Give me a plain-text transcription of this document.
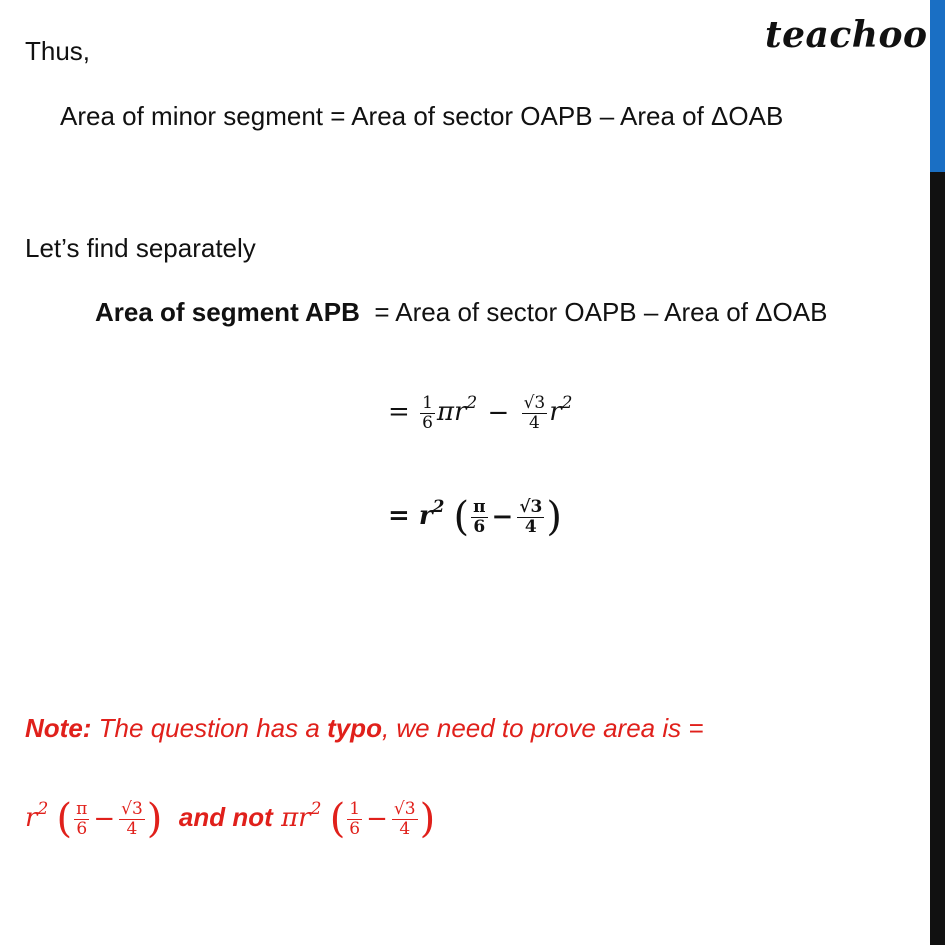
teachoo
Thus,
Area of minor segment = Area of sector OAPB – Area of ΔOAB
Let’s find separately
Area of segment APB = Area of sector OAPB – Area of ΔOAB
= $\frac{1}{6} \pi r^2 - \frac{√3}{4} r^2$
= $r^2$ ( $\frac{\pi}{6} - \frac{√3}{4}$ )
Note: The question has a typo, we need to prove area is =
$r^2$ ( $\frac{\pi}{6} - \frac{√3}{4}$ ) and not $\pi r^2$ ( $\frac{1}{6} - \frac{√3}{4}$ )
